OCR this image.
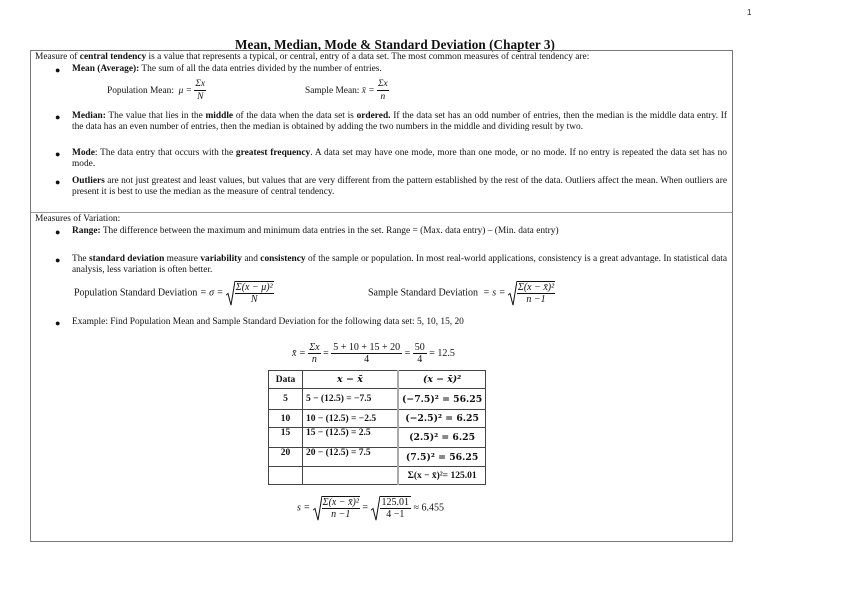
1
Mean, Median, Mode & Standard Deviation (Chapter 3)
Measure of central tendency is a value that represents a typical, or central, entry of a data set. The most common measures of central tendency are:
● Mean (Average): The sum of all the data entries divided by the number of entries.
Population Mean: $\mu = \frac{\Sigma x}{N}$	Sample Mean: x̄ = $\frac{\Sigma x}{n}$
● Median: The value that lies in the middle of the data when the data set is ordered. If the data set has an odd number of entries, then the median is the middle data entry. If the data has an even number of entries, then the median is obtained by adding the two numbers in the middle and dividing result by two.
● Mode: The data entry that occurs with the greatest frequency. A data set may have one mode, more than one mode, or no mode. If no entry is repeated the data set has no mode.
● Outliers are not just greatest and least values, but values that are very different from the pattern established by the rest of the data. Outliers affect the mean. When outliers are present it is best to use the median as the measure of central tendency.
Measures of Variation:
● Range: The difference between the maximum and minimum data entries in the set. Range = (Max. data entry) – (Min. data entry)
● The standard deviation measure variability and consistency of the sample or population. In most real-world applications, consistency is a great advantage. In statistical data analysis, less variation is often better.
Population Standard Deviation = $\sigma = \frac{\text{Σ(x − μ)²}}{N}$	Sample Standard Deviation = $s = \frac{\text{Σ(x − x̄)²}}{n -1}$
● Example: Find Population Mean and Sample Standard Deviation for the following data set: 5, 10, 15, 20
x̄ = $\frac{\Sigma x}{n} = \frac{5 + 10 + 15 + 20}{4} = \frac{50}{4} = 12.5$
Data	x − x̄	(x − x̄)²
5	5 − (12.5) = −7.5	(−7.5)² = 56.25
10	10 − (12.5) = −2.5	(−2.5)² = 6.25
15	15 − (12.5) = 2.5	(2.5)² = 6.25
20	20 − (12.5) = 7.5	(7.5)² = 56.25
		Σ(x − x̄)²= 125.01
$s = \frac{\text{Σ(x − x̄)²}}{n -1} = \frac{125.01}{4 -1} \approx 6.455$
